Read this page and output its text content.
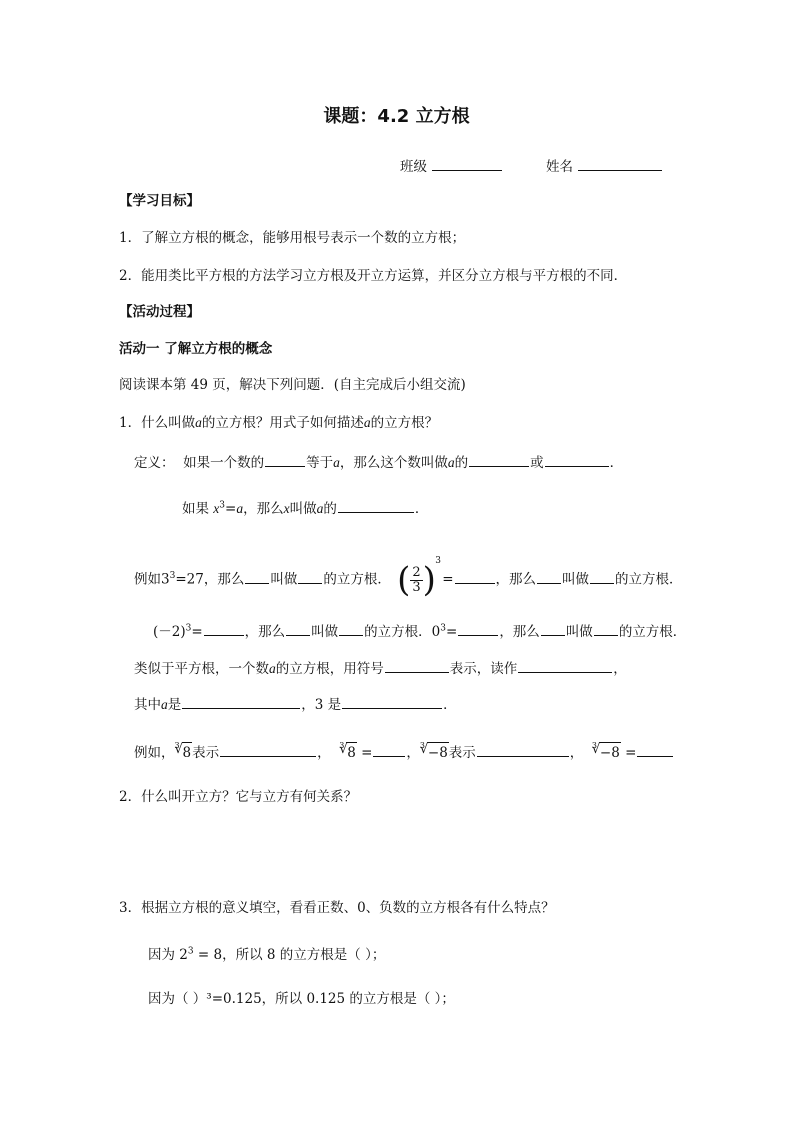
课题：4.2 立方根
班级	姓名
【学习目标】
1．了解立方根的概念，能够用根号表示一个数的立方根；
2．能用类比平方根的方法学习立方根及开立方运算，并区分立方根与平方根的不同．
【活动过程】
活动一 了解立方根的概念
阅读课本第 49 页，解决下列问题．(自主完成后小组交流)
1．什么叫做a的立方根？用式子如何描述a的立方根？
定义： 如果一个数的	等于a，那么这个数叫做a的	或	．
如果 $x^3=a$，那么x叫做a的	．
例如$3^3=27$，那么 叫做 的立方根． ( $\frac{2}{3}$ ) 3
=	，那么 叫做 的立方根．
$(-2)^3=$	，那么 叫做 的立方根．$0^3=$	，那么 叫做 的立方根．
类似于平方根，一个数a的立方根，用符号	表示，读作	，
其中a是	，3 是	．
例如， 3 √ 8表示	， 3 √ 8 =	， 3 √ −8表示	， 3 √ −8 =
2．什么叫开立方？它与立方有何关系？
3．根据立方根的意义填空，看看正数、0、负数的立方根各有什么特点？
因为 $2^3 = 8$，所以 8 的立方根是（ ）；
因为（ ）³=0.125，所以 0.125 的立方根是（ ）；
